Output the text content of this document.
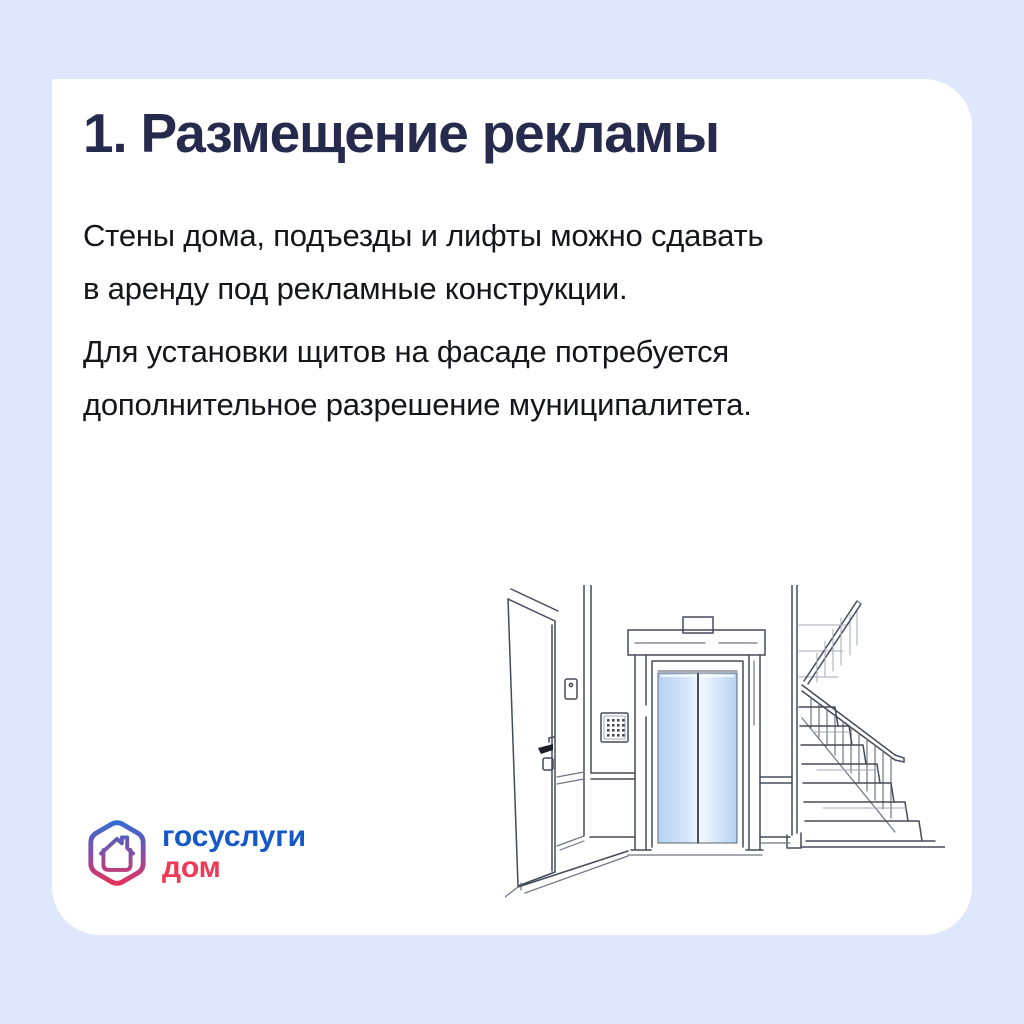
1. Размещение рекламы

Стены дома, подъезды и лифты можно сдавать
в аренду под рекламные конструкции.

Для установки щитов на фасаде потребуется
дополнительное разрешение муниципалитета.

госуслуги
дом
